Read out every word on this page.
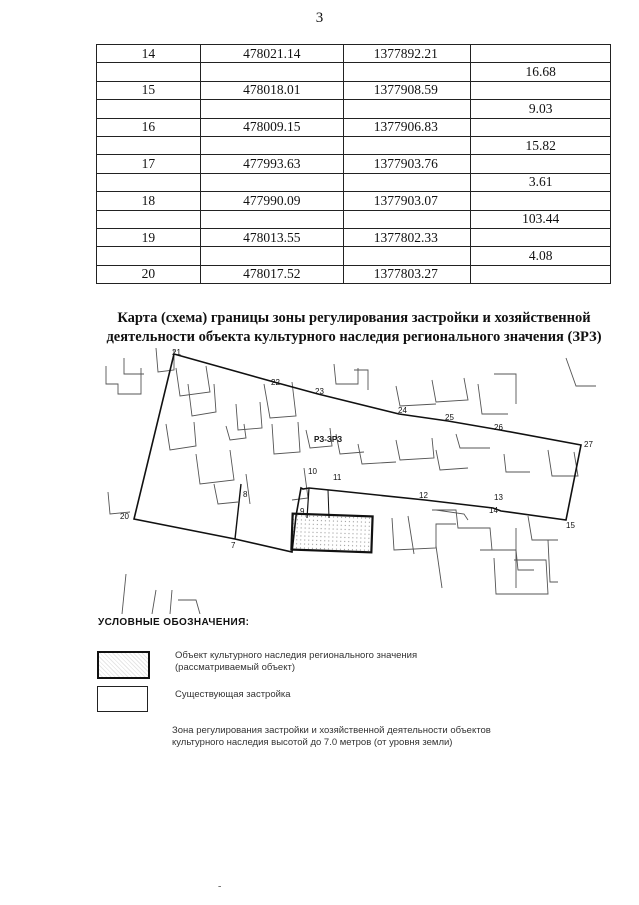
3
14	478021.14	1377892.21	
			16.68
15	478018.01	1377908.59	
			9.03
16	478009.15	1377906.83	
			15.82
17	477993.63	1377903.76	
			3.61
18	477990.09	1377903.07	
			103.44
19	478013.55	1377802.33	
			4.08
20	478017.52	1377803.27	
Карта (схема) границы зоны регулирования застройки и хозяйственной
деятельности объекта культурного наследия регионального значения (ЗРЗ)
21
22
23
24
25
26
27
20
7
8
9
10
11
12	13
14
15
РЗ-ЗРЗ
УСЛОВНЫЕ ОБОЗНАЧЕНИЯ:
Объект культурного наследия регионального значения
(рассматриваемый объект)
Существующая застройка
Зона регулирования застройки и хозяйственной деятельности объектов
культурного наследия высотой до 7.0 метров (от уровня земли)
-
